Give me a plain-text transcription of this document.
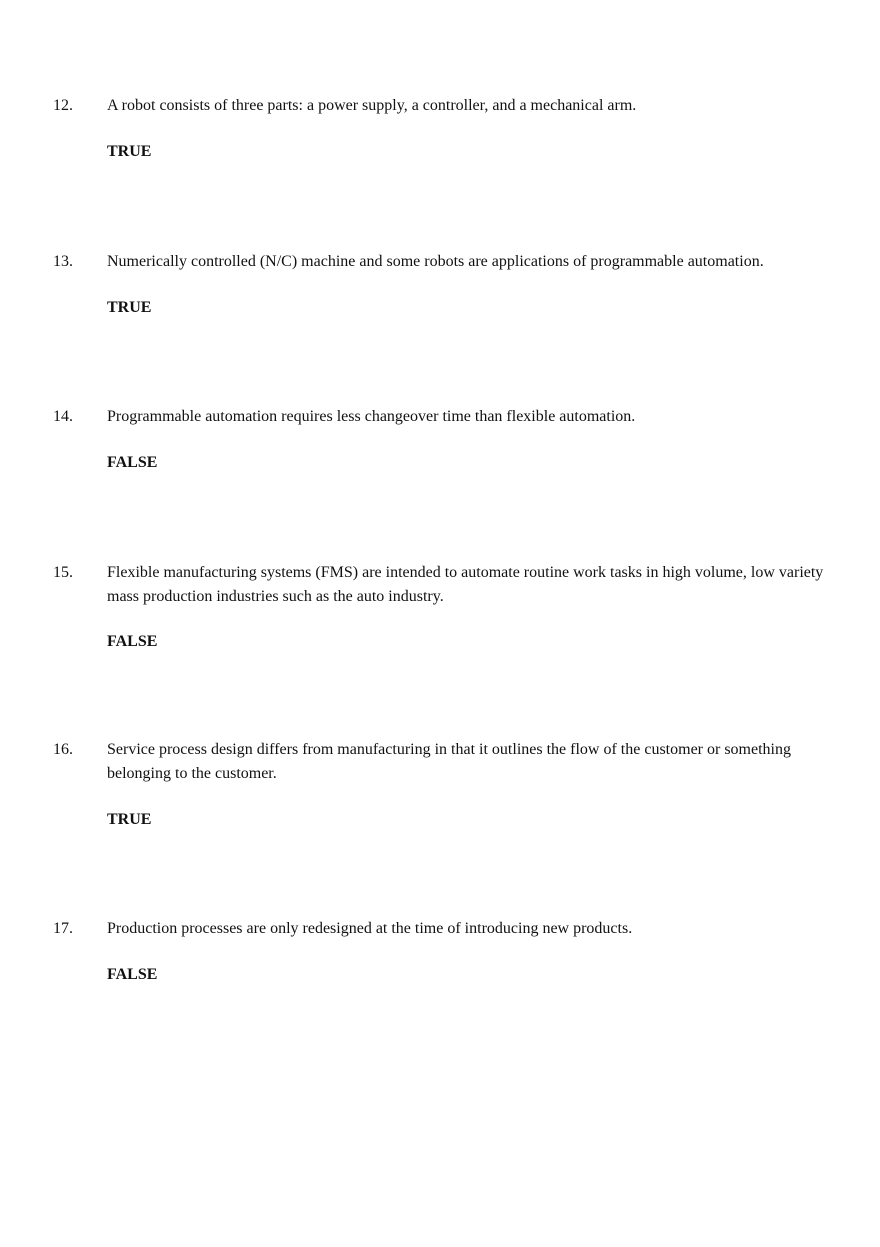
12. A robot consists of three parts: a power supply, a controller, and a mechanical arm.
TRUE
13. Numerically controlled (N/C) machine and some robots are applications of programmable automation.
TRUE
14. Programmable automation requires less changeover time than flexible automation.
FALSE
15. Flexible manufacturing systems (FMS) are intended to automate routine work tasks in high volume, low variety mass production industries such as the auto industry.
FALSE
16. Service process design differs from manufacturing in that it outlines the flow of the customer or something belonging to the customer.
TRUE
17. Production processes are only redesigned at the time of introducing new products.
FALSE
